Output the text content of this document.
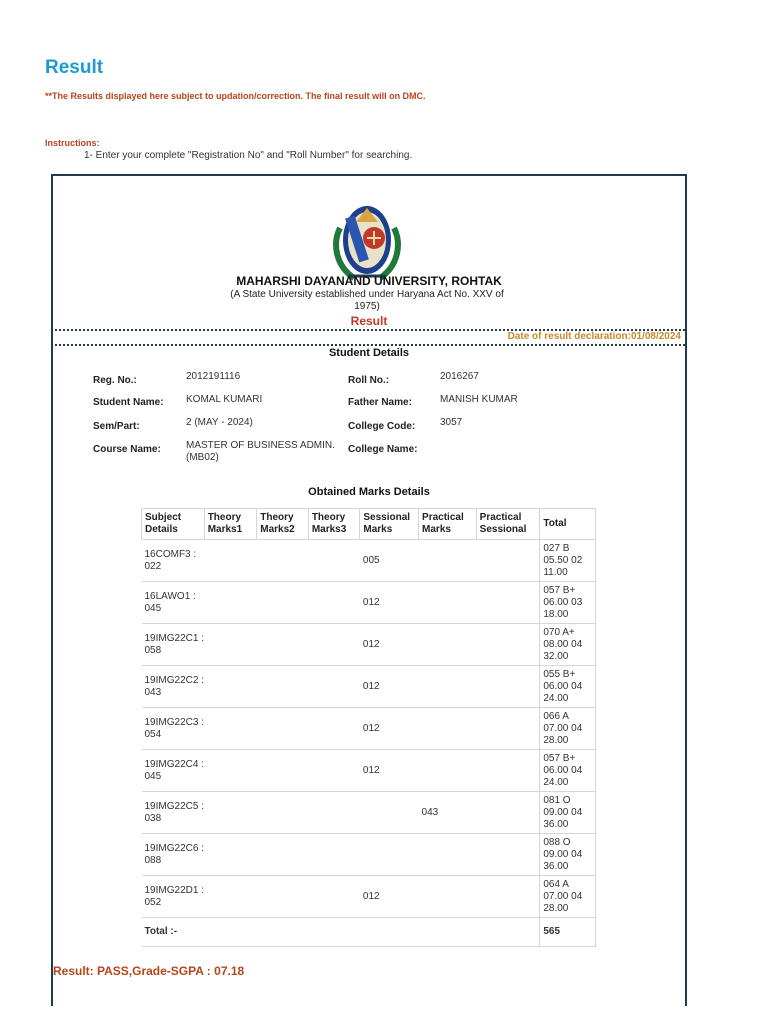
Result
**The Results displayed here subject to updation/correction. The final result will on DMC.
Instructions:
1- Enter your complete "Registration No" and "Roll Number" for searching.
MAHARSHI DAYANAND UNIVERSITY, ROHTAK
(A State University established under Haryana Act No. XXV of 1975)
Result
Date of result declaration:01/08/2024
Student Details
Reg. No.:	2012191116	Roll No.:	2016267
Student Name: KOMAL KUMARI	Father Name:	MANISH KUMAR
Sem/Part:	2 (MAY - 2024)	College Code: 3057
Course Name:	MASTER OF BUSINESS ADMIN. (MB02)
College Name:
Obtained Marks Details
Subject Details	Theory Marks1	Theory Marks2	Theory Marks3	Sessional Marks	Practical Marks	Practical Sessional	Total
16COMF3 : 022				005			027 B 05.50 02 11.00
16LAWO1 : 045				012			057 B+ 06.00 03 18.00
19IMG22C1 : 058				012			070 A+ 08.00 04 32.00
19IMG22C2 : 043				012			055 B+ 06.00 04 24.00
19IMG22C3 : 054				012			066 A 07.00 04 28.00
19IMG22C4 : 045				012			057 B+ 06.00 04 24.00
19IMG22C5 : 038					043		081 O 09.00 04 36.00
19IMG22C6 : 088							088 O 09.00 04 36.00
19IMG22D1 : 052				012			064 A 07.00 04 28.00
Total :-							565
Result: PASS,Grade-SGPA : 07.18
